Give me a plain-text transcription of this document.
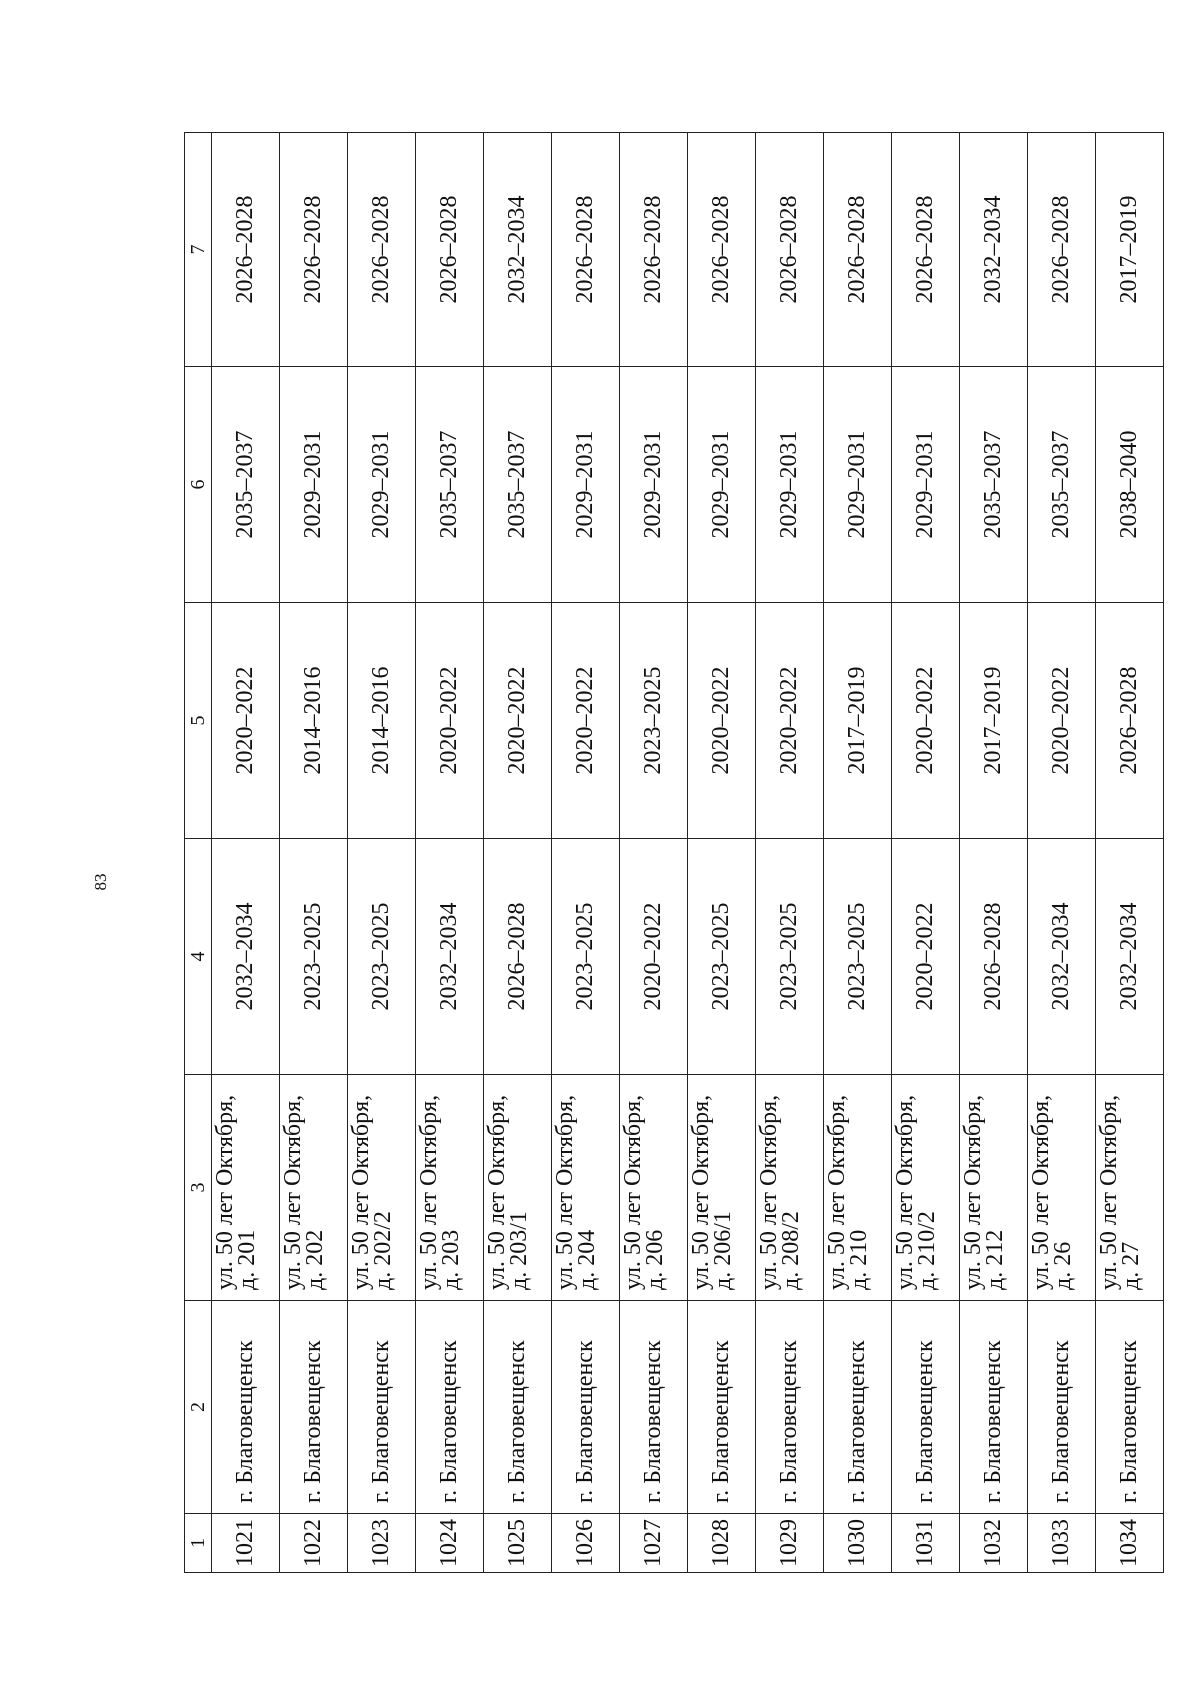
83
1	2	3	4	5	6	7
1021	г. Благовещенск	ул. 50 лет Октября,
д. 201	2032–2034	2020–2022	2035–2037	2026–2028
1022	г. Благовещенск	ул. 50 лет Октября,
д. 202	2023–2025	2014–2016	2029–2031	2026–2028
1023	г. Благовещенск	ул. 50 лет Октября,
д. 202/2	2023–2025	2014–2016	2029–2031	2026–2028
1024	г. Благовещенск	ул. 50 лет Октября,
д. 203	2032–2034	2020–2022	2035–2037	2026–2028
1025	г. Благовещенск	ул. 50 лет Октября,
д. 203/1	2026–2028	2020–2022	2035–2037	2032–2034
1026	г. Благовещенск	ул. 50 лет Октября,
д. 204	2023–2025	2020–2022	2029–2031	2026–2028
1027	г. Благовещенск	ул. 50 лет Октября,
д. 206	2020–2022	2023–2025	2029–2031	2026–2028
1028	г. Благовещенск	ул. 50 лет Октября,
д. 206/1	2023–2025	2020–2022	2029–2031	2026–2028
1029	г. Благовещенск	ул. 50 лет Октября,
д. 208/2	2023–2025	2020–2022	2029–2031	2026–2028
1030	г. Благовещенск	ул. 50 лет Октября,
д. 210	2023–2025	2017–2019	2029–2031	2026–2028
1031	г. Благовещенск	ул. 50 лет Октября,
д. 210/2	2020–2022	2020–2022	2029–2031	2026–2028
1032	г. Благовещенск	ул. 50 лет Октября,
д. 212	2026–2028	2017–2019	2035–2037	2032–2034
1033	г. Благовещенск	ул. 50 лет Октября,
д. 26	2032–2034	2020–2022	2035–2037	2026–2028
1034	г. Благовещенск	ул. 50 лет Октября,
д. 27	2032–2034	2026–2028	2038–2040	2017–2019
